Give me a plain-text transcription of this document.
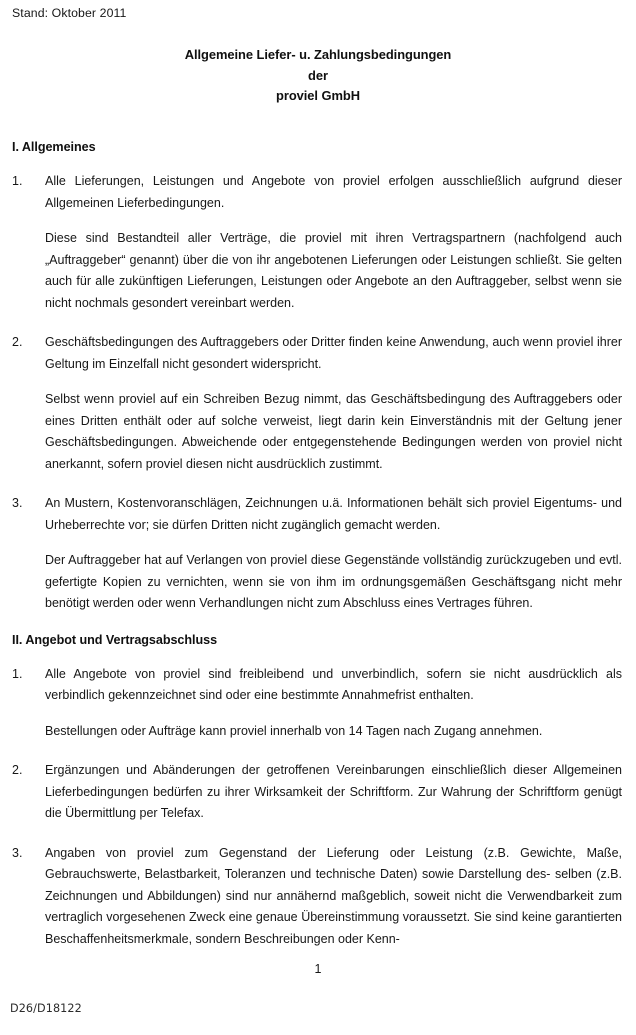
Stand: Oktober 2011
Allgemeine Liefer- u. Zahlungsbedingungen
der
proviel GmbH
I. Allgemeines
1.	Alle Lieferungen, Leistungen und Angebote von proviel erfolgen ausschließlich aufgrund dieser Allgemeinen Lieferbedingungen.

Diese sind Bestandteil aller Verträge, die proviel mit ihren Vertragspartnern (nachfolgend auch „Auftraggeber“ genannt) über die von ihr angebotenen Lieferungen oder Leistungen schließt. Sie gelten auch für alle zukünftigen Lieferungen, Leistungen oder Angebote an den Auftraggeber, selbst wenn sie nicht nochmals gesondert vereinbart werden.

2.	Geschäftsbedingungen des Auftraggebers oder Dritter finden keine Anwendung, auch wenn proviel ihrer Geltung im Einzelfall nicht gesondert widerspricht.

Selbst wenn proviel auf ein Schreiben Bezug nimmt, das Geschäftsbedingung des Auftraggebers oder eines Dritten enthält oder auf solche verweist, liegt darin kein Einverständnis mit der Geltung jener Geschäftsbedingungen. Abweichende oder entgegenstehende Bedingungen werden von proviel nicht anerkannt, sofern proviel diesen nicht ausdrücklich zustimmt.

3.	An Mustern, Kostenvoranschlägen, Zeichnungen u.ä. Informationen behält sich proviel Eigentums- und Urheberrechte vor; sie dürfen Dritten nicht zugänglich gemacht werden.

Der Auftraggeber hat auf Verlangen von proviel diese Gegenstände vollständig zurückzugeben und evtl. gefertigte Kopien zu vernichten, wenn sie von ihm im ordnungsgemäßen Geschäftsgang nicht mehr benötigt werden oder wenn Verhandlungen nicht zum Abschluss eines Vertrages führen.

II. Angebot und Vertragsabschluss
1.	Alle Angebote von proviel sind freibleibend und unverbindlich, sofern sie nicht ausdrücklich als verbindlich gekennzeichnet sind oder eine bestimmte Annahmefrist enthalten.

Bestellungen oder Aufträge kann proviel innerhalb von 14 Tagen nach Zugang annehmen.

2.	Ergänzungen und Abänderungen der getroffenen Vereinbarungen einschließlich dieser Allgemeinen Lieferbedingungen bedürfen zu ihrer Wirksamkeit der Schriftform. Zur Wahrung der Schriftform genügt die Übermittlung per Telefax.

3.	Angaben von proviel zum Gegenstand der Lieferung oder Leistung (z.B. Gewichte, Maße, Gebrauchswerte, Belastbarkeit, Toleranzen und technische Daten) sowie Darstellung des- selben (z.B. Zeichnungen und Abbildungen) sind nur annähernd maßgeblich, soweit nicht die Verwendbarkeit zum vertraglich vorgesehenen Zweck eine genaue Übereinstimmung voraussetzt. Sie sind keine garantierten Beschaffenheitsmerkmale, sondern Beschreibungen oder Kenn-

1
D26/D18122
